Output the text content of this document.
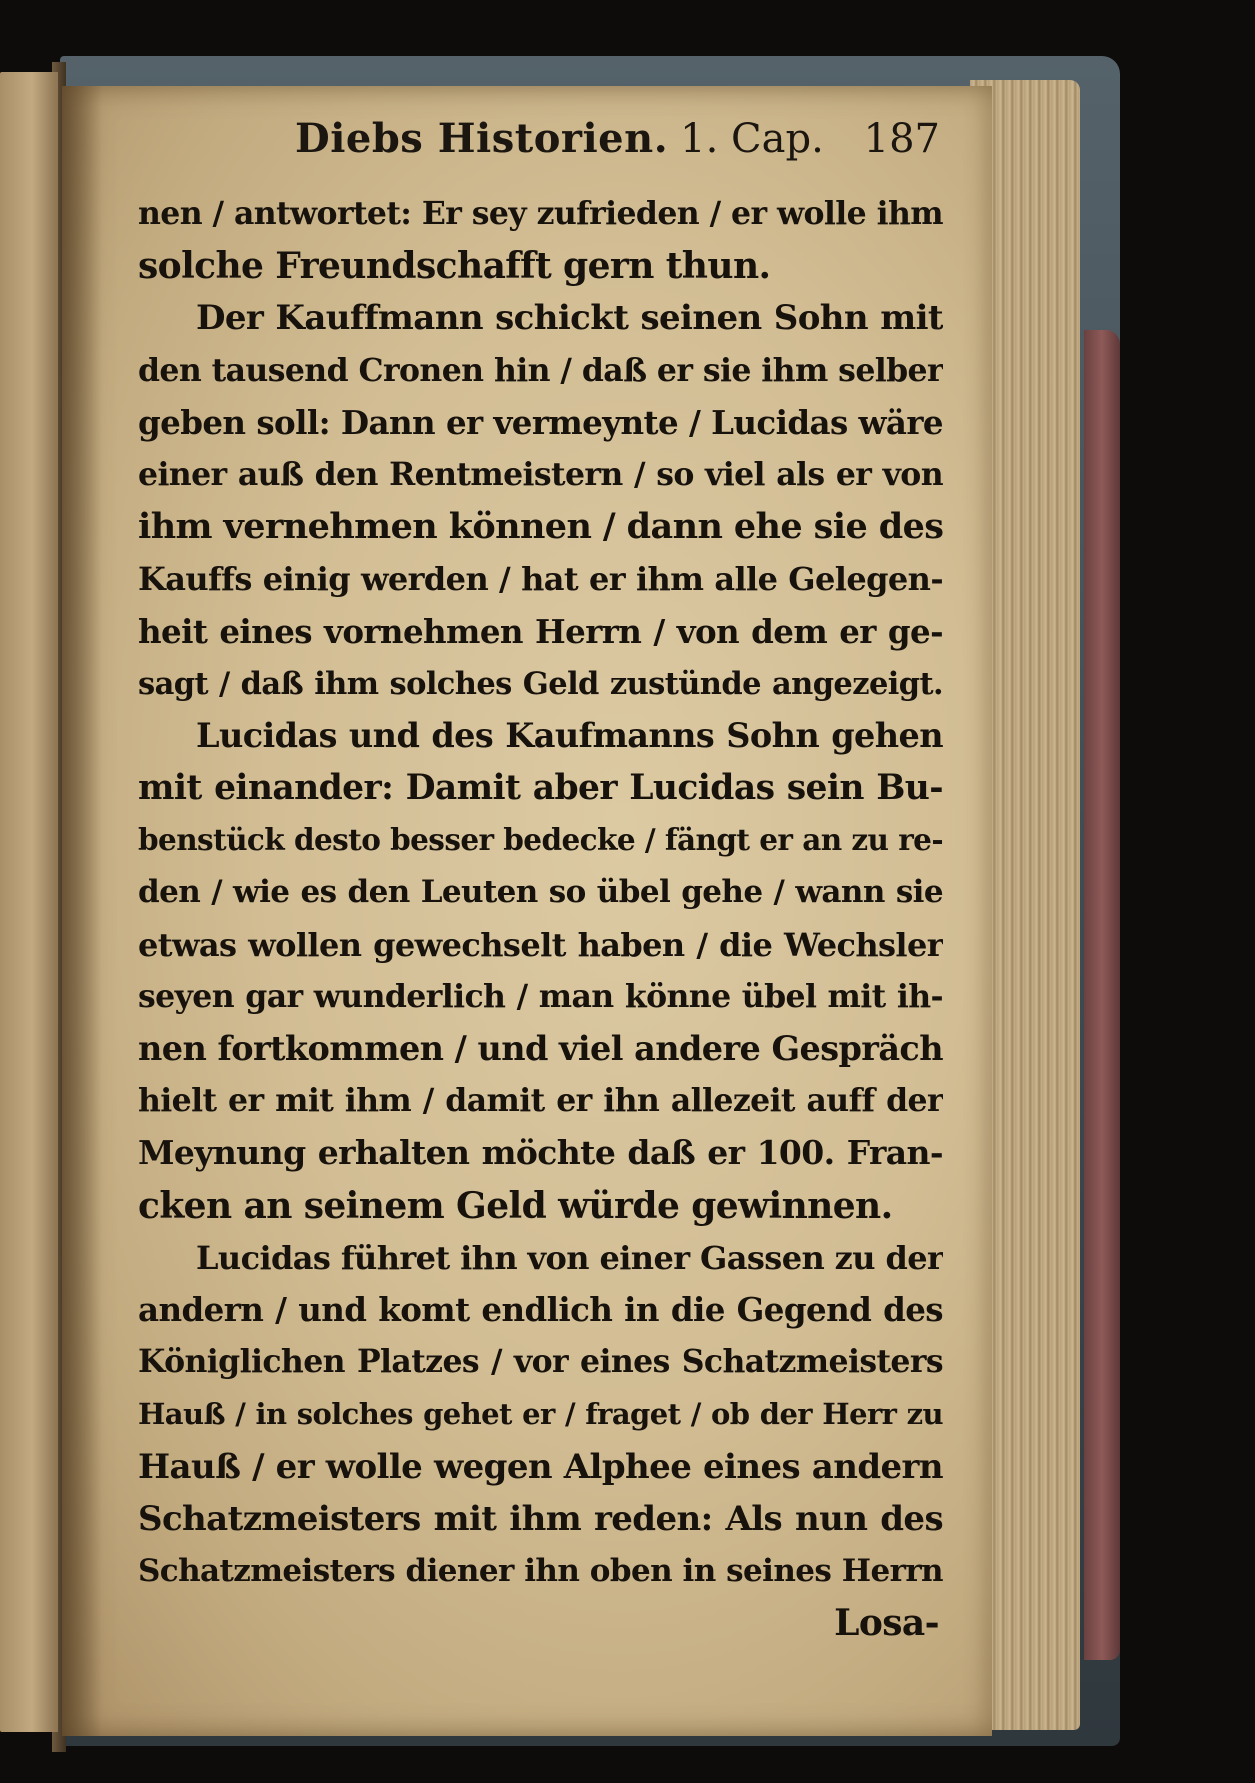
Diebs Historien. 1. Cap. 187
nen / antwortet: Er sey zufrieden / er wolle ihm
solche Freundschafft gern thun.
Der Kauffmann schickt seinen Sohn mit
den tausend Cronen hin / daß er sie ihm selber
geben soll: Dann er vermeynte / Lucidas wäre
einer auß den Rentmeistern / so viel als er von
ihm vernehmen können / dann ehe sie des
Kauffs einig werden / hat er ihm alle Gelegen-
heit eines vornehmen Herrn / von dem er ge-
sagt / daß ihm solches Geld zustünde angezeigt.
Lucidas und des Kaufmanns Sohn gehen
mit einander: Damit aber Lucidas sein Bu-
benstück desto besser bedecke / fängt er an zu re-
den / wie es den Leuten so übel gehe / wann sie
etwas wollen gewechselt haben / die Wechsler
seyen gar wunderlich / man könne übel mit ih-
nen fortkommen / und viel andere Gespräch
hielt er mit ihm / damit er ihn allezeit auff der
Meynung erhalten möchte daß er 100. Fran-
cken an seinem Geld würde gewinnen.
Lucidas führet ihn von einer Gassen zu der
andern / und komt endlich in die Gegend des
Königlichen Platzes / vor eines Schatzmeisters
Hauß / in solches gehet er / fraget / ob der Herr zu
Hauß / er wolle wegen Alphee eines andern
Schatzmeisters mit ihm reden: Als nun des
Schatzmeisters diener ihn oben in seines Herrn
Losa-
